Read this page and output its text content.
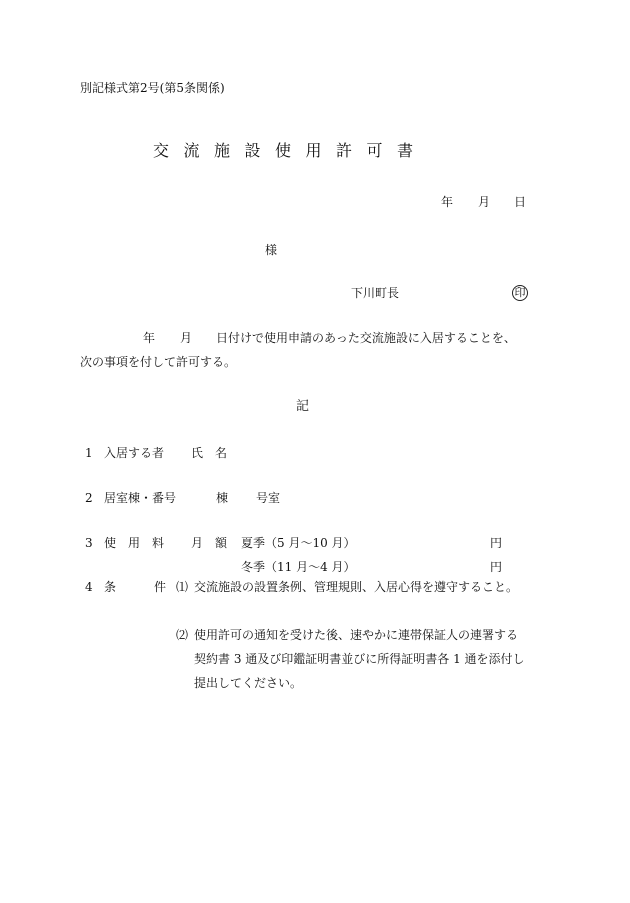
別記様式第2号(第5条関係)
交流施設使用許可書
年 月 日
様
下川町長	印
年 月 日付けで使用申請のあった交流施設に入居することを、
次の事項を付して許可する。
記
1 入居する者 氏　名
2 居室棟・番号	棟 号室
3 使　用　料 月　額 夏季（5 月～10 月）	円
冬季（11 月～4 月）	円
4 条	件 ⑴ 交流施設の設置条例、管理規則、入居心得を遵守すること。
⑵ 使用許可の通知を受けた後、速やかに連帯保証人の連署する契約書 3 通及び印鑑証明書並びに所得証明書各 1 通を添付し提出してください。
